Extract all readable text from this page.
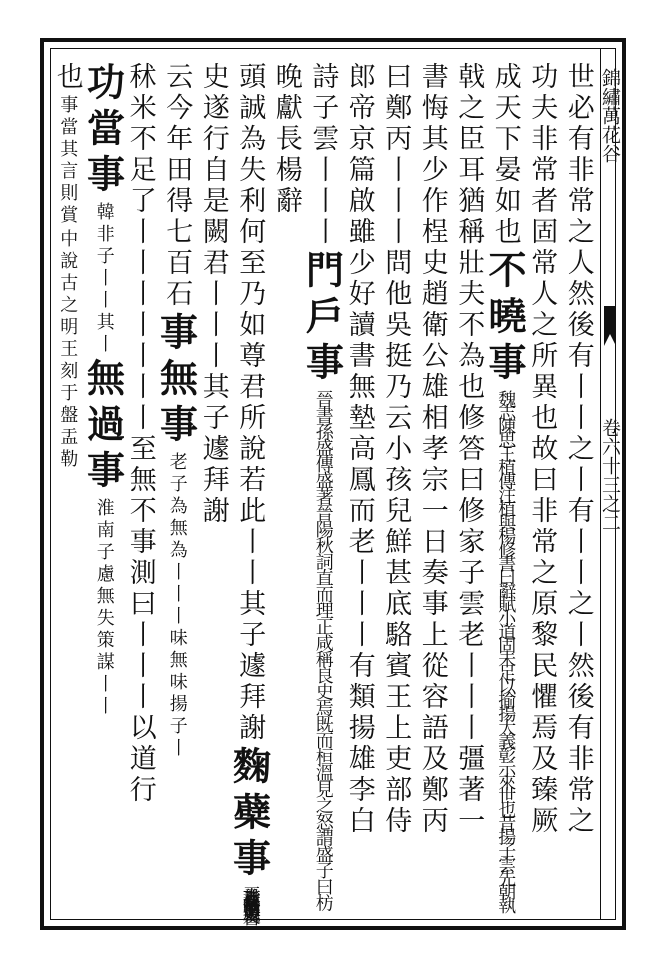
錦繡萬花谷
卷六十三之二
世必有非常之人然後有丨丨之丨有丨丨之丨然後有非常之
功夫非常者固常人之所異也故曰非常之原黎民懼焉及臻厥
成天下晏如也
不曉事
魏志陳思王植傳注植與楊修書曰辭賦小道固未足以揄揚大義彰示來世也昔揚子雲先朝執
戟之臣耳猶稱壯夫不為也修答曰修家子雲老丨丨丨彊著一
書悔其少作桯史趙衛公雄相孝宗一日奏事上從容語及鄭丙
曰鄭丙丨丨丨問他吳挺乃云小孩兒鮮甚底駱賓王上吏部侍
郎帝京篇啟雖少好讀書無墊高鳳而老丨丨丨有類揚雄李白
詩子雲丨丨丨
門戶事
晉書孫盛傳盛著晉陽秋詞直而理正咸稱良史焉既而桓溫見之怒謂盛子曰枋
晚獻長楊辭
頭誠為失利何至乃如尊君所說若此丨丨其子遽拜謝
麴蘗事
晉書孔羣傳羣性嗜酒嘗與親友書
史遂行自是闕君丨丨丨其子遽拜謝
云今年田得七百石
事無事
老子為無為丨丨丨味無味揚子丨
秫米不足了丨丨丨丨丨丨丨至無不事測曰丨丨丨以道行
功當事
韓非子丨丨其丨
無過事
淮南子慮無失策謀丨丨
也
事當其言則賞
中說古之明王刻于盤盂勒
